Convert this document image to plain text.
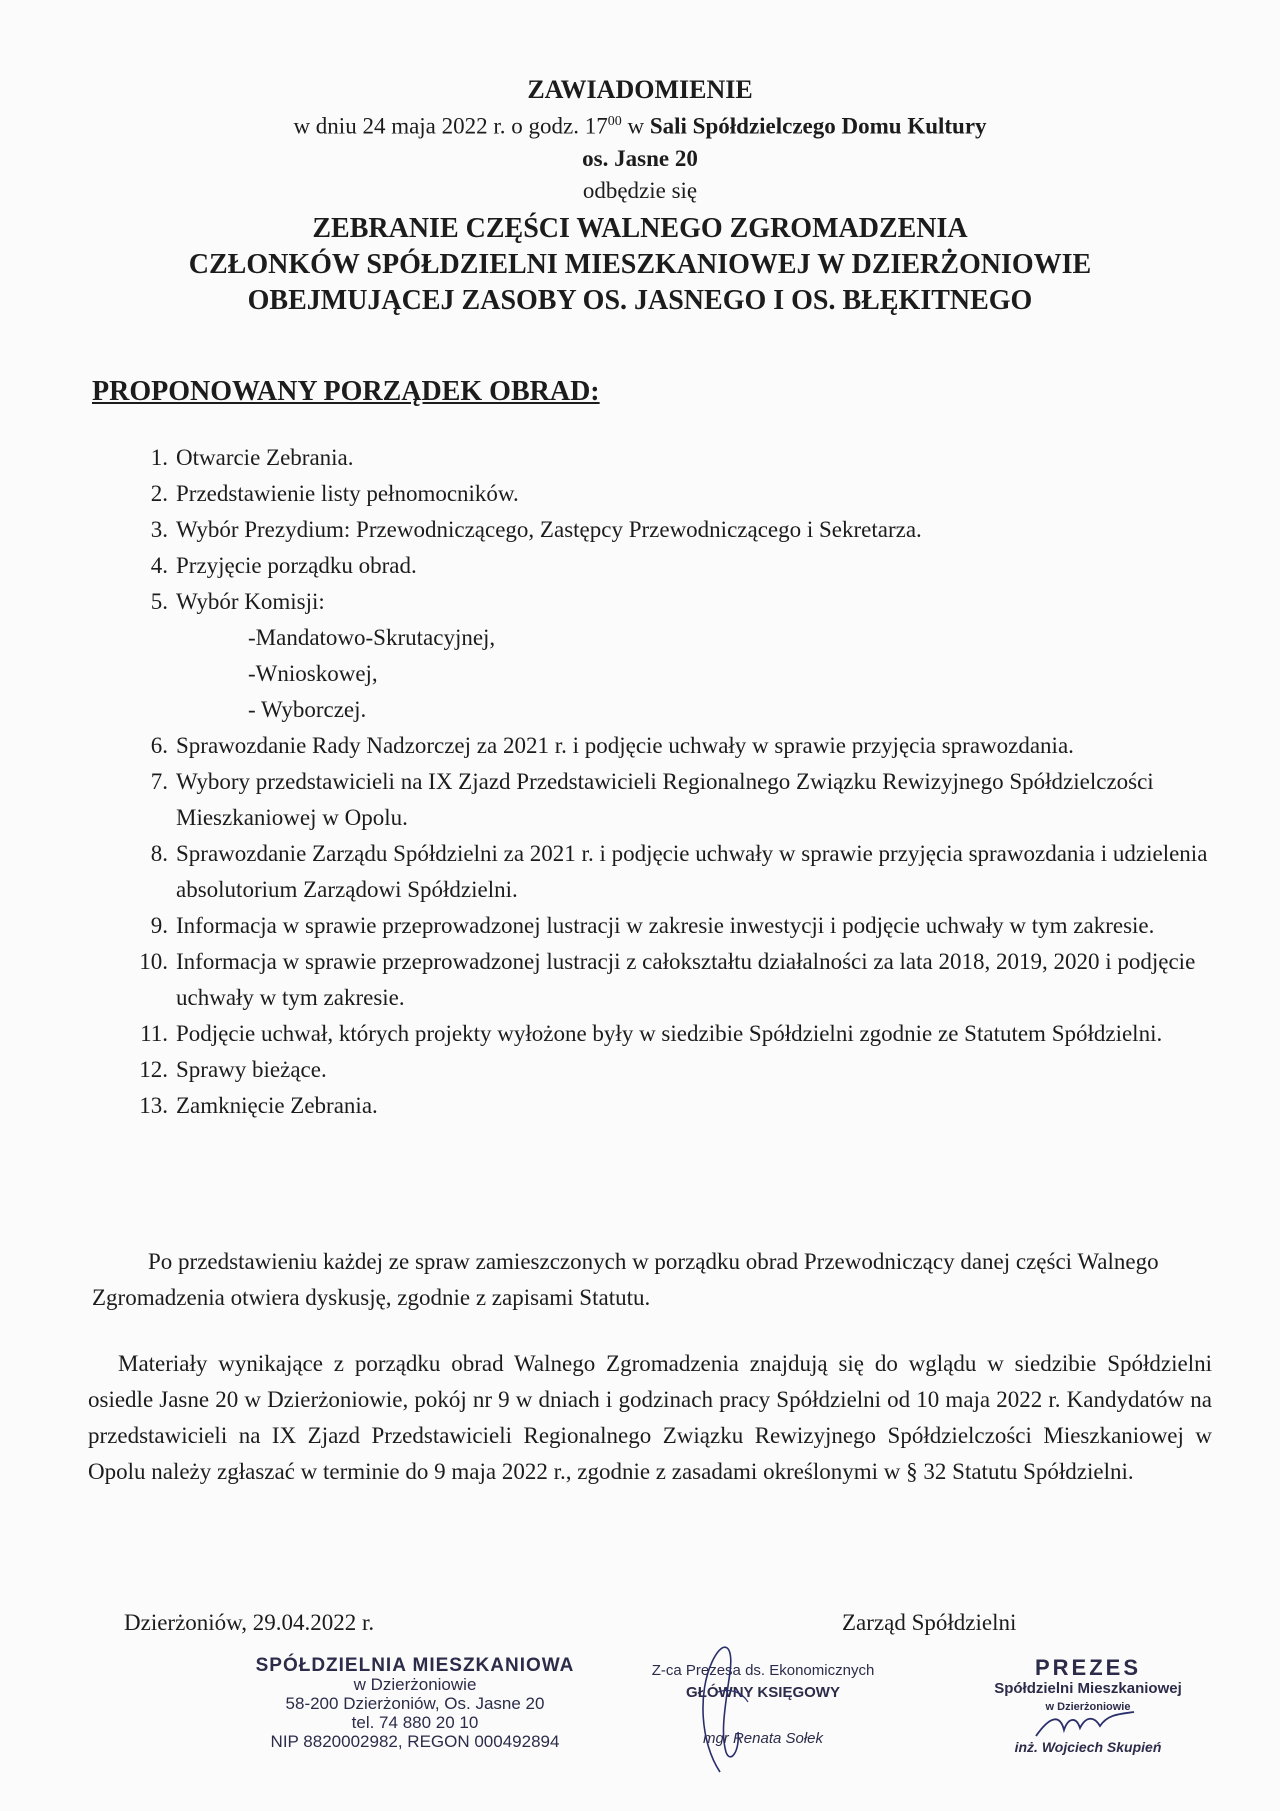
ZAWIADOMIENIE
w dniu 24 maja 2022 r. o godz. $17^{00}$ w Sali Spółdzielczego Domu Kultury
os. Jasne 20
odbędzie się
ZEBRANIE CZĘŚCI WALNEGO ZGROMADZENIA
CZŁONKÓW SPÓŁDZIELNI MIESZKANIOWEJ W DZIERŻONIOWIE
OBEJMUJĄCEJ ZASOBY OS. JASNEGO I OS. BŁĘKITNEGO
PROPONOWANY PORZĄDEK OBRAD:
1. Otwarcie Zebrania.
2. Przedstawienie listy pełnomocników.
3. Wybór Prezydium: Przewodniczącego, Zastępcy Przewodniczącego i Sekretarza.
4. Przyjęcie porządku obrad.
5. Wybór Komisji:
-Mandatowo-Skrutacyjnej,
-Wnioskowej,
- Wyborczej.
6. Sprawozdanie Rady Nadzorczej za 2021 r. i podjęcie uchwały w sprawie przyjęcia sprawozdania.
7. Wybory przedstawicieli na IX Zjazd Przedstawicieli Regionalnego Związku Rewizyjnego Spółdzielczości Mieszkaniowej w Opolu.
8. Sprawozdanie Zarządu Spółdzielni za 2021 r. i podjęcie uchwały w sprawie przyjęcia sprawozdania i udzielenia absolutorium Zarządowi Spółdzielni.
9. Informacja w sprawie przeprowadzonej lustracji w zakresie inwestycji i podjęcie uchwały w tym zakresie.
10. Informacja w sprawie przeprowadzonej lustracji z całokształtu działalności za lata 2018, 2019, 2020 i podjęcie uchwały w tym zakresie.
11. Podjęcie uchwał, których projekty wyłożone były w siedzibie Spółdzielni zgodnie ze Statutem Spółdzielni.
12. Sprawy bieżące.
13. Zamknięcie Zebrania.
Po przedstawieniu każdej ze spraw zamieszczonych w porządku obrad Przewodniczący danej części Walnego Zgromadzenia otwiera dyskusję, zgodnie z zapisami Statutu.
Materiały wynikające z porządku obrad Walnego Zgromadzenia znajdują się do wglądu w siedzibie Spółdzielni osiedle Jasne 20 w Dzierżoniowie, pokój nr 9 w dniach i godzinach pracy Spółdzielni od 10 maja 2022 r. Kandydatów na przedstawicieli na IX Zjazd Przedstawicieli Regionalnego Związku Rewizyjnego Spółdzielczości Mieszkaniowej w Opolu należy zgłaszać w terminie do 9 maja 2022 r., zgodnie z zasadami określonymi w § 32 Statutu Spółdzielni.
Dzierżoniów, 29.04.2022 r.	Zarząd Spółdzielni
SPÓŁDZIELNIA MIESZKANIOWA
w Dzierżoniowie
58-200 Dzierżoniów, Os. Jasne 20
tel. 74 880 20 10
NIP 8820002982, REGON 000492894
Z-ca Prezesa ds. Ekonomicznych
GŁÓWNY KSIĘGOWY
mgr Renata Sołek
PREZES
Spółdzielni Mieszkaniowej
w Dzierżoniowie
inż. Wojciech Skupień
